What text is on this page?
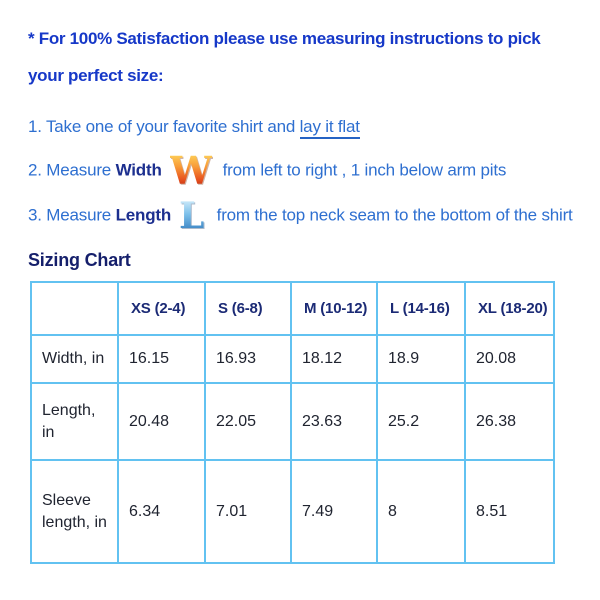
* For 100% Satisfaction please use measuring instructions to pick your perfect size:

1. Take one of your favorite shirt and lay it flat
2. Measure Width W from left to right , 1 inch below arm pits
3. Measure Length L from the top neck seam to the bottom of the shirt
Sizing Chart
	XS (2-4)	S (6-8)	M (10-12)	L (14-16)	XL (18-20)
Width, in	16.15	16.93	18.12	18.9	20.08
Length, in	20.48	22.05	23.63	25.2	26.38
Sleeve length, in	6.34	7.01	7.49	8	8.51
